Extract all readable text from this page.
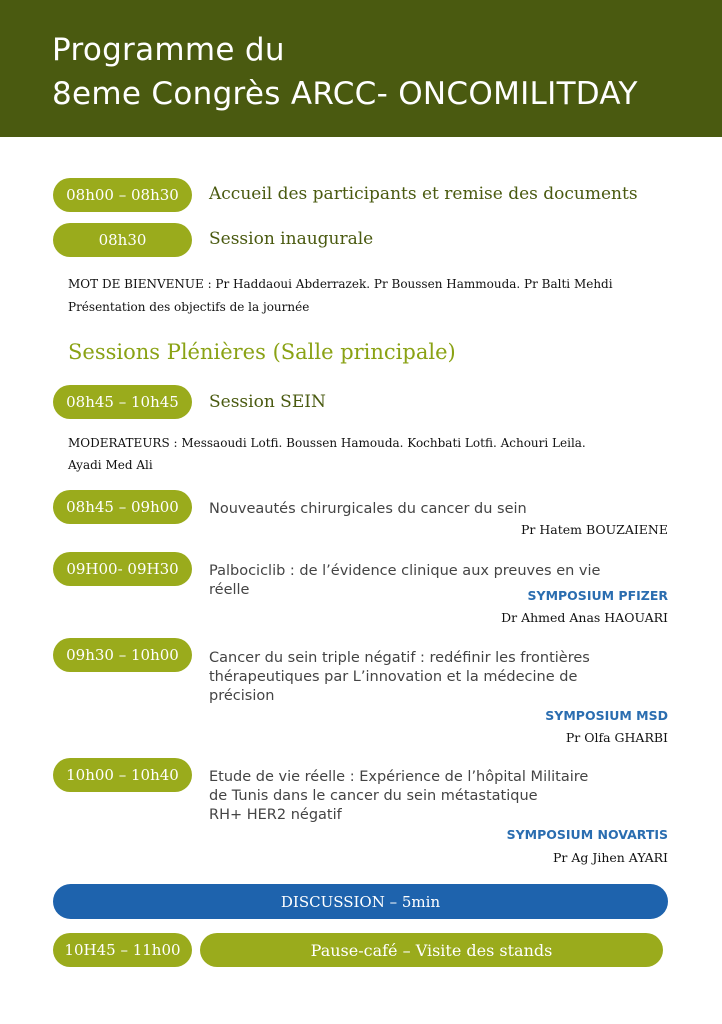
Programme du
8eme Congrès ARCC- ONCOMILITDAY
08h00 – 08h30	Accueil des participants et remise des documents
08h30	Session inaugurale
MOT DE BIENVENUE : Pr Haddaoui Abderrazek. Pr Boussen Hammouda. Pr Balti Mehdi
Présentation des objectifs de la journée
Sessions Plénières (Salle principale)
08h45 – 10h45	Session SEIN
MODERATEURS : Messaoudi Lotfi. Boussen Hamouda. Kochbati Lotfi. Achouri Leila.
Ayadi Med Ali
08h45 – 09h00	Nouveautés chirurgicales du cancer du sein
Pr Hatem BOUZAIENE
09H00- 09H30	Palbociclib : de l’évidence clinique aux preuves en vie
réelle	SYMPOSIUM PFIZER
Dr Ahmed Anas HAOUARI
09h30 – 10h00	Cancer du sein triple négatif : redéfinir les frontières
thérapeutiques par L’innovation et la médecine de
précision
SYMPOSIUM MSD
Pr Olfa GHARBI
10h00 – 10h40	Etude de vie réelle : Expérience de l’hôpital Militaire
de Tunis dans le cancer du sein métastatique
RH+ HER2 négatif
SYMPOSIUM NOVARTIS
Pr Ag Jihen AYARI
DISCUSSION – 5min
10H45 – 11h00	Pause-café – Visite des stands
